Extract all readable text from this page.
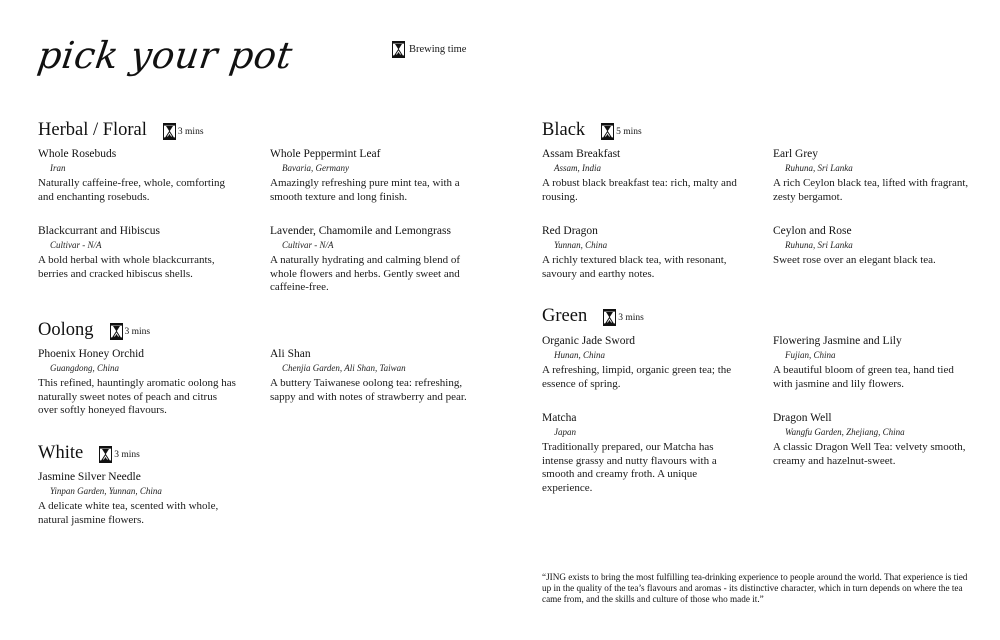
pick your pot	Brewing time
Herbal / Floral	3 mins
Whole Rosebuds
Iran
Naturally caffeine-free, whole, comforting and enchanting rosebuds.
Whole Peppermint Leaf
Bavaria, Germany
Amazingly refreshing pure mint tea, with a smooth texture and long finish.
Blackcurrant and Hibiscus
Cultivar - N/A
A bold herbal with whole blackcurrants, berries and cracked hibiscus shells.
Lavender, Chamomile and Lemongrass
Cultivar - N/A
A naturally hydrating and calming blend of whole flowers and herbs. Gently sweet and caffeine-free.
Oolong	3 mins
Phoenix Honey Orchid
Guangdong, China
This refined, hauntingly aromatic oolong has naturally sweet notes of peach and citrus over softly honeyed flavours.
Ali Shan
Chenjia Garden, Ali Shan, Taiwan
A buttery Taiwanese oolong tea: refreshing, sappy and with notes of strawberry and pear.
White	3 mins
Jasmine Silver Needle
Yinpan Garden, Yunnan, China
A delicate white tea, scented with whole, natural jasmine flowers.
Black	5 mins
Assam Breakfast
Assam, India
A robust black breakfast tea: rich, malty and rousing.
Earl Grey
Ruhuna, Sri Lanka
A rich Ceylon black tea, lifted with fragrant, zesty bergamot.
Red Dragon
Yunnan, China
A richly textured black tea, with resonant, savoury and earthy notes.
Ceylon and Rose
Ruhuna, Sri Lanka
Sweet rose over an elegant black tea.
Green	3 mins
Organic Jade Sword
Hunan, China
A refreshing, limpid, organic green tea; the essence of spring.
Flowering Jasmine and Lily
Fujian, China
A beautiful bloom of green tea, hand tied with jasmine and lily flowers.
Matcha
Japan
Traditionally prepared, our Matcha has intense grassy and nutty flavours with a smooth and creamy froth. A unique experience.
Dragon Well
Wangfu Garden, Zhejiang, China
A classic Dragon Well Tea: velvety smooth, creamy and hazelnut-sweet.
“JING exists to bring the most fulfilling tea-drinking experience to people around the world. That experience is tied up in the quality of the tea’s flavours and aromas - its distinctive character, which in turn depends on where the tea came from, and the skills and culture of those who made it.”
